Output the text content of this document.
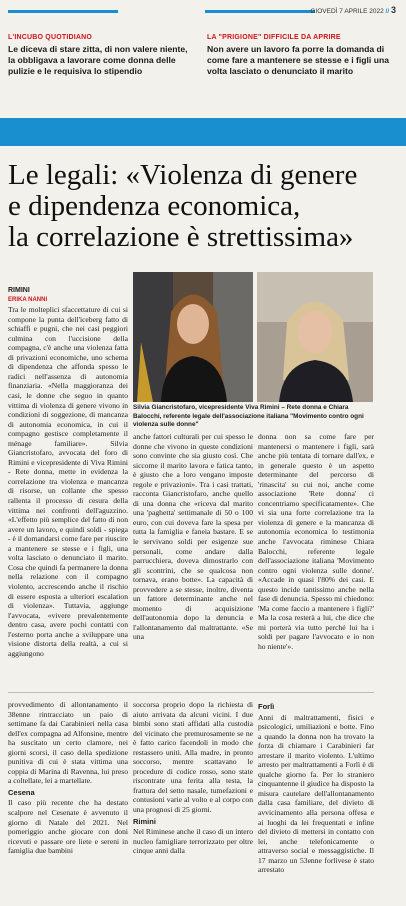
GIOVEDÌ 7 APRILE 2022 // 3
L'INCUBO QUOTIDIANO
Le diceva di stare zitta, di non valere niente, la obbligava a lavorare come donna delle pulizie e le requisiva lo stipendio
LA "PRIGIONE" DIFFICILE DA APRIRE
Non avere un lavoro fa porre la domanda di come fare a mantenere se stesse e i figli una volta lasciato o denunciato il marito
Le legali: «Violenza di genere
e dipendenza economica,
la correlazione è strettissima»
RIMINI
ERIKA NANNI
Tra le molteplici sfaccettature di cui si compone la punta dell'iceberg fatto di schiaffi e pugni, che nei casi peggiori culmina con l'uccisione della compagna, c'è anche una violenza fatta di privazioni economiche, uno schema di dipendenza che affonda spesso le radici nell'assenza di autonomia finanziaria. «Nella maggioranza dei casi, le donne che seguo in quanto vittima di violenza di genere vivono in condizioni di soggezione, di mancanza di autonomia economica, in cui il compagno gestisce completamente il ménage familiare». Silvia Giancristofaro, avvocata del foro di Rimini e vicepresidente di Viva Rimini - Rete donna, mette in evidenza la correlazione tra violenza e mancanza di risorse, un collante che spesso rallenta il processo di cesura della vittima nei confronti dell'aguzzino. «L'effetto più semplice del fatto di non avere un lavoro, e quindi soldi - spiega - è il domandarsi come fare per riuscire a mantenere se stesse e i figli, una volta lasciato o denunciato il marito. Cosa che quindi fa permanere la donna nella relazione con il compagno violento, accrescendo anche il rischio di essere esposta a ulteriori escalation di violenza». Tuttavia, aggiunge l'avvocata, «vivere prevalentemente dentro casa, avere pochi contatti con l'esterno porta anche a sviluppare una visione distorta della realtà, a cui si aggiungono
Silvia Giancristofaro, vicepresidente Viva Rimini – Rete donna e Chiara Balocchi, referente legale dell'associazione italiana "Movimento contro ogni violenza sulle donne"
anche fattori culturali per cui spesso le donne che vivono in queste condizioni sono convinte che sia giusto così. Che siccome il marito lavora e fatica tanto, è giusto che a loro vengano imposte regole e privazioni». Tra i casi trattati, racconta Giancristofaro, anche quello di una donna che «riceva dal marito una 'paghetta' settimanale di 50 o 100 euro, con cui doveva fare la spesa per tutta la famiglia e faneia bastare. E se le servivano soldi per esigenze sue personali, come andare dalla parrucchiera, doveva dimostrarlo con gli scontrini, che se qualcosa non tornava, erano botte». La capacità di provvedere a se stesse, inoltre, diventa un fattore determinante anche nel momento di acquisizione dell'autonomia dopo la denuncia e l'allontanamento dal maltrattante. «Se una
donna non sa come fare per mantenersi o mantenere i figli, sarà anche più tentata di tornare dall'ex, e in generale questo è un aspetto determinante del percorso di 'rinascita' su cui noi, anche come associazione 'Rete donna' ci concentriamo specificatamente». Che vi sia una forte correlazione tra la violenza di genere e la mancanza di autonomia economica lo testimonia anche l'avvocata riminese Chiara Balocchi, referente legale dell'associazione italiana 'Movimento contro ogni violenza sulle donne'. «Accade in quasi l'80% dei casi. E questo incide tantissimo anche nella fase di denuncia. Spesso mi chiedono: 'Ma come faccio a mantenere i figli?' Ma la cosa resterà a lui, che dice che mi porterà via tutto perché lui ha i soldi per pagare l'avvocato e io non ho niente'».
provvedimento di allontanamento il 38enne rintracciato un paio di settimane fa dai Carabinieri nella casa dell'ex compagna ad Alfonsine, mentre ha suscitato un certo clamore, nei giorni scorsi, il caso della spedizione punitiva di cui è stata vittima una coppia di Marina di Ravenna, lui preso a coltellate, lei a martellate.
Cesena
Il caso più recente che ha destato scalpore nel Cesenate è avvenuto il giorno di Natale del 2021. Nel pomeriggio anche giocare con doni ricevuti e passare ore liete e sereni in famiglia due bambini
soccorsa proprio dopo la richiesta di aiuto arrivata da alcuni vicini. I due bimbi sono stati affidati alla custodia del vicinato che premurosamente se ne è fatto carico facendoli in modo che restassero uniti. Alla madre, in pronto soccorso, mentre scattavano le procedure di codice rosso, sono state riscontrate una ferita alla testa, la frattura del setto nasale, tumefazioni e contusioni varie al volto e al corpo con una prognosi di 25 giorni.
Rimini
Nel Riminese anche il caso di un intero nucleo famigliare terrorizzato per oltre cinque anni dalla
Forlì
Anni di maltrattamenti, fisici e psicologici, umiliazioni e botte. Fino a quando la donna non ha trovato la forza di chiamare i Carabinieri far arrestare il marito violento. L'ultimo arresto per maltrattamenti a Forlì è di qualche giorno fa. Per lo straniero cinquantenne il giudice ha disposto la misura cautelare dell'allontanamento dalla casa familiare, del divieto di avvicinamento alla persona offesa e ai luoghi da lei frequentati e infine del divieto di mettersi in contatto con lei, anche telefonicamente o attraverso social e messaggistiche. Il 17 marzo un 53enne forlivese è stato arrestato
